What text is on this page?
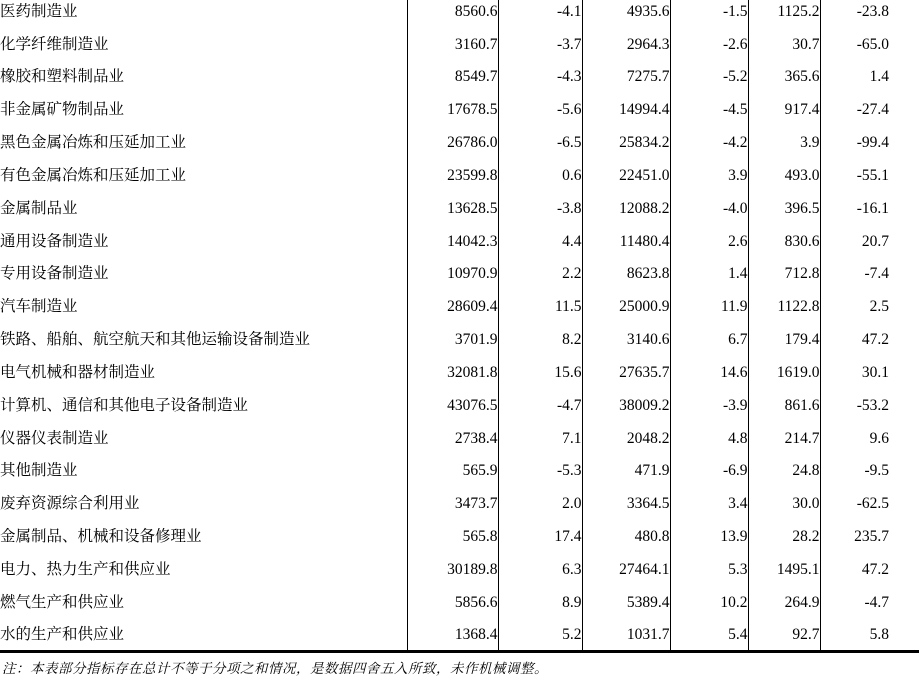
医药制造业	8560.6	-4.1	4935.6	-1.5	1125.2	-23.8
化学纤维制造业	3160.7	-3.7	2964.3	-2.6	30.7	-65.0
橡胶和塑料制品业	8549.7	-4.3	7275.7	-5.2	365.6	1.4
非金属矿物制品业	17678.5	-5.6	14994.4	-4.5	917.4	-27.4
黑色金属冶炼和压延加工业	26786.0	-6.5	25834.2	-4.2	3.9	-99.4
有色金属冶炼和压延加工业	23599.8	0.6	22451.0	3.9	493.0	-55.1
金属制品业	13628.5	-3.8	12088.2	-4.0	396.5	-16.1
通用设备制造业	14042.3	4.4	11480.4	2.6	830.6	20.7
专用设备制造业	10970.9	2.2	8623.8	1.4	712.8	-7.4
汽车制造业	28609.4	11.5	25000.9	11.9	1122.8	2.5
铁路、船舶、航空航天和其他运输设备制造业	3701.9	8.2	3140.6	6.7	179.4	47.2
电气机械和器材制造业	32081.8	15.6	27635.7	14.6	1619.0	30.1
计算机、通信和其他电子设备制造业	43076.5	-4.7	38009.2	-3.9	861.6	-53.2
仪器仪表制造业	2738.4	7.1	2048.2	4.8	214.7	9.6
其他制造业	565.9	-5.3	471.9	-6.9	24.8	-9.5
废弃资源综合利用业	3473.7	2.0	3364.5	3.4	30.0	-62.5
金属制品、机械和设备修理业	565.8	17.4	480.8	13.9	28.2	235.7
电力、热力生产和供应业	30189.8	6.3	27464.1	5.3	1495.1	47.2
燃气生产和供应业	5856.6	8.9	5389.4	10.2	264.9	-4.7
水的生产和供应业	1368.4	5.2	1031.7	5.4	92.7	5.8
注：本表部分指标存在总计不等于分项之和情况，是数据四舍五入所致，未作机械调整。
